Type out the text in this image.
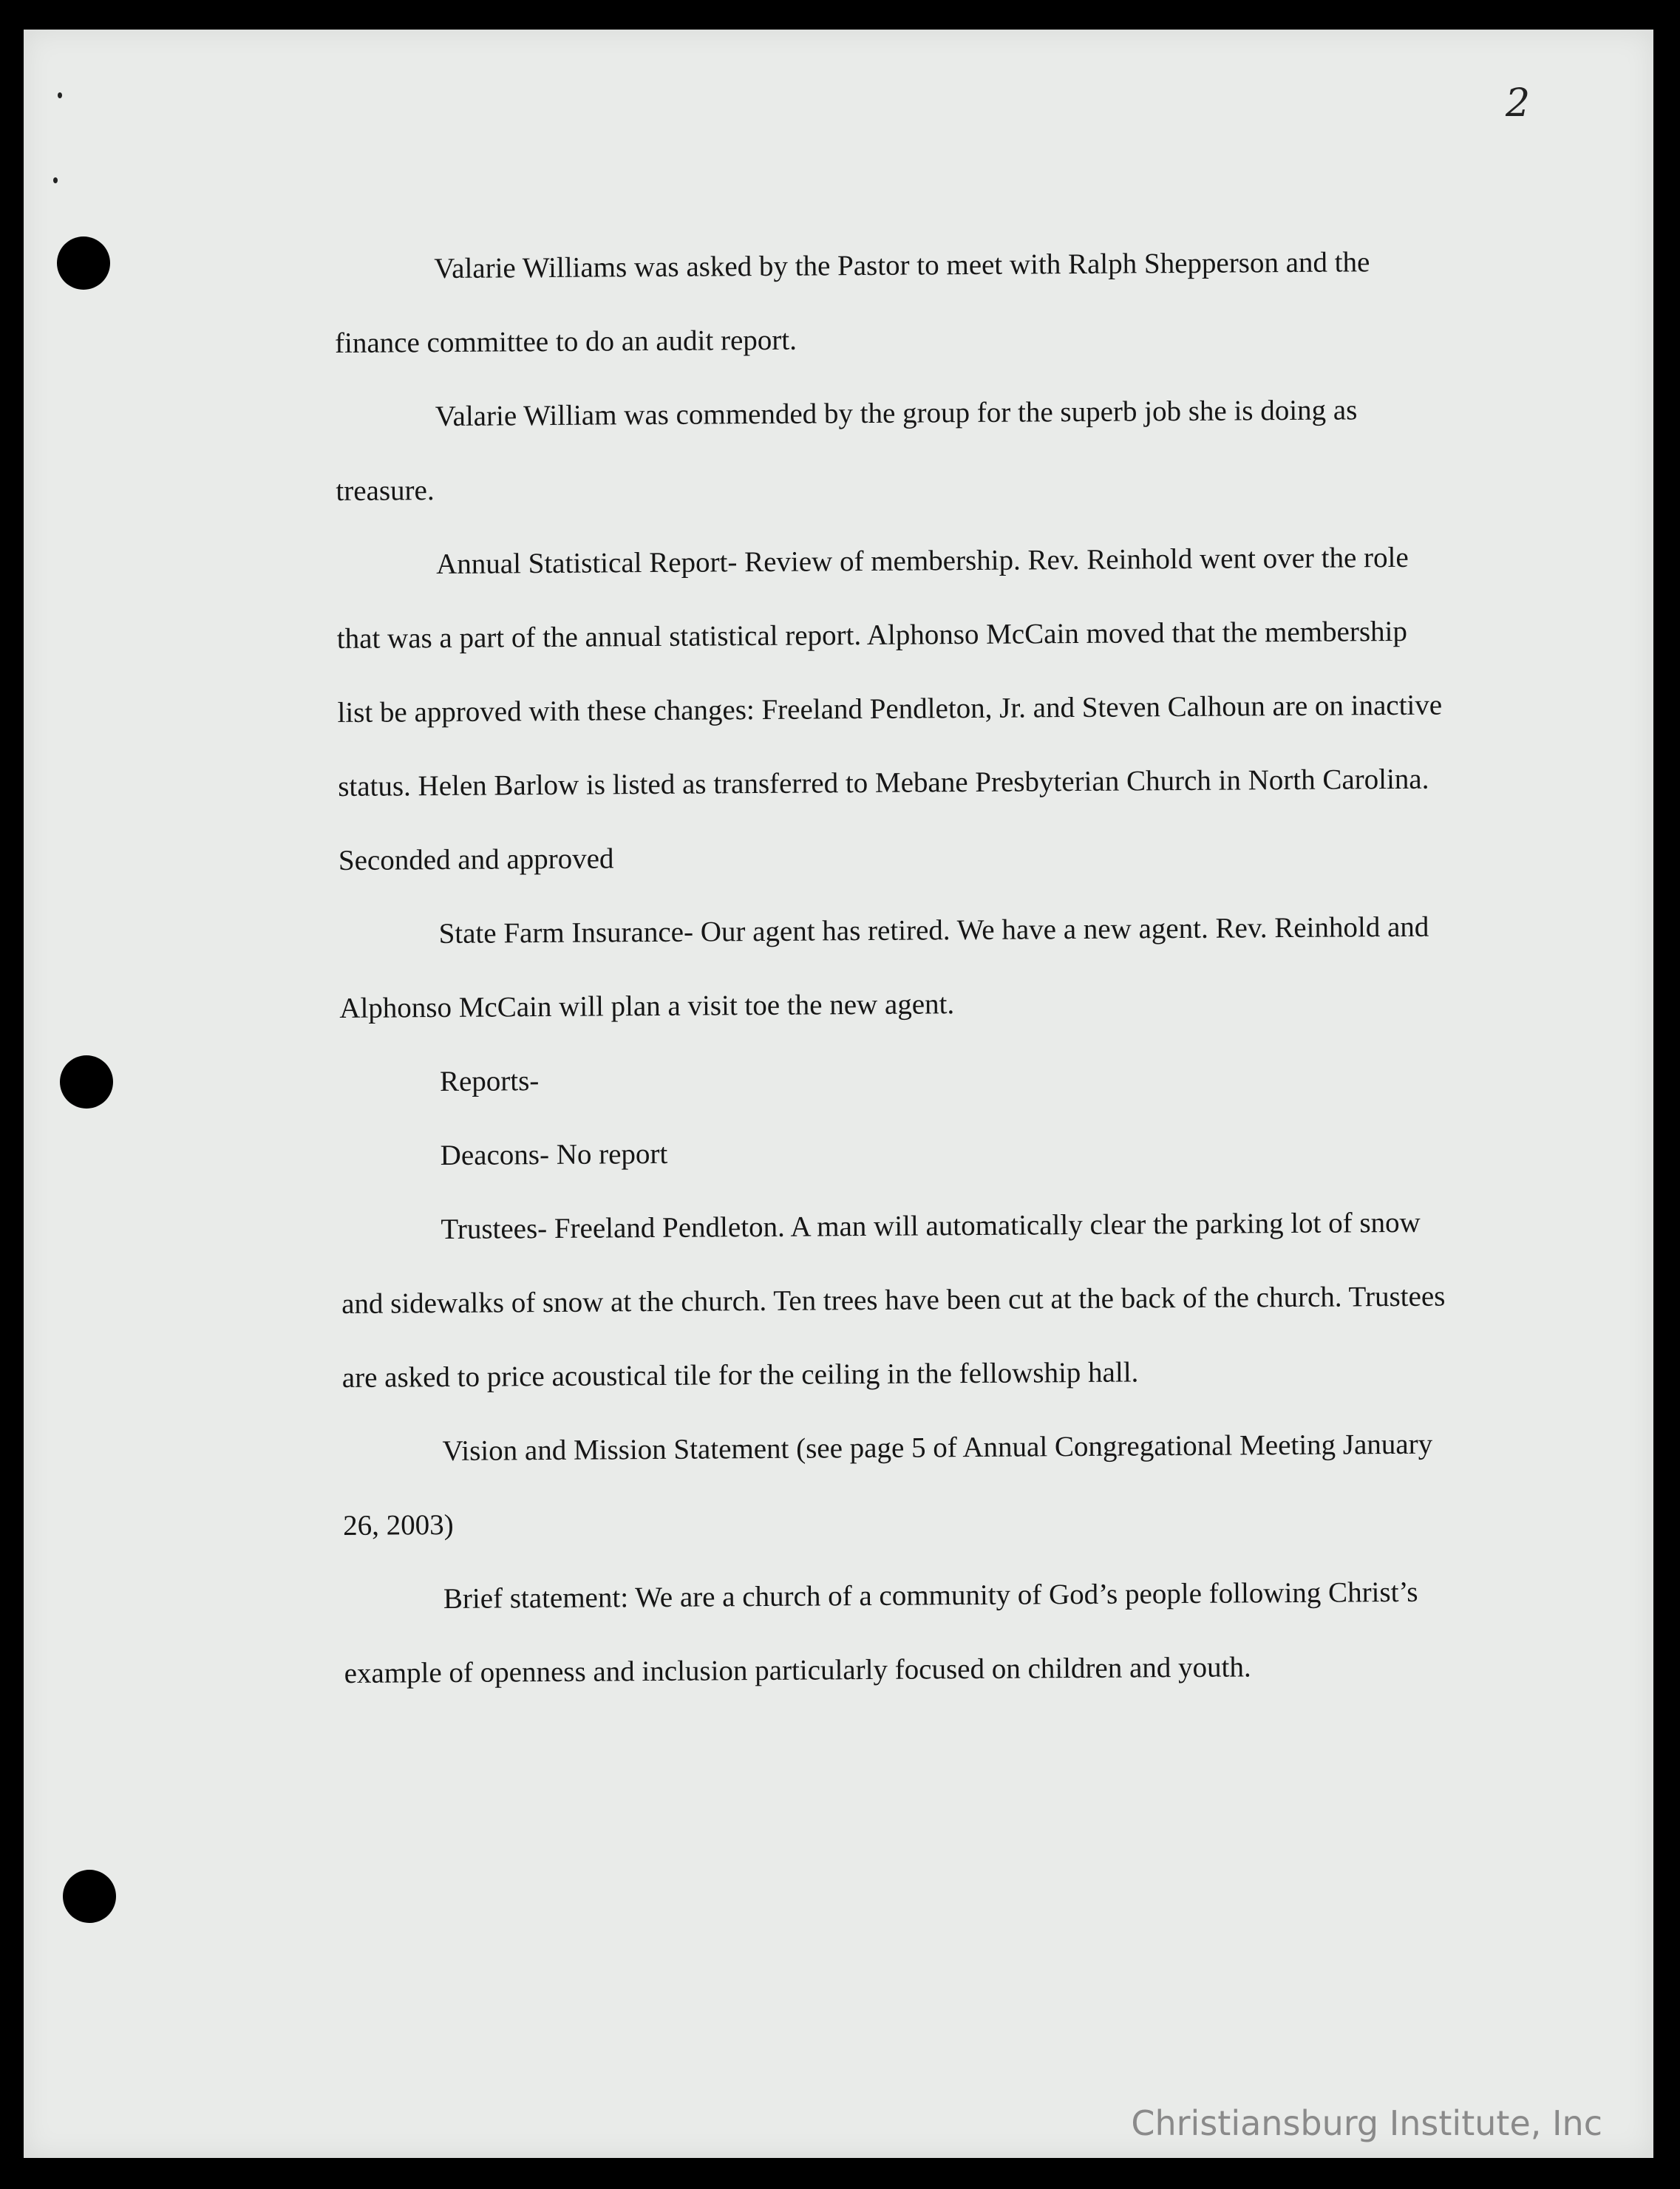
2

Valarie Williams was asked by the Pastor to meet with Ralph Shepperson and the finance committee to do an audit report.

Valarie William was commended by the group for the superb job she is doing as treasure.

Annual Statistical Report- Review of membership. Rev. Reinhold went over the role that was a part of the annual statistical report. Alphonso McCain moved that the membership list be approved with these changes: Freeland Pendleton, Jr. and Steven Calhoun are on inactive status. Helen Barlow is listed as transferred to Mebane Presbyterian Church in North Carolina. Seconded and approved

State Farm Insurance- Our agent has retired. We have a new agent. Rev. Reinhold and Alphonso McCain will plan a visit toe the new agent.

Reports-

Deacons- No report

Trustees- Freeland Pendleton. A man will automatically clear the parking lot of snow and sidewalks of snow at the church. Ten trees have been cut at the back of the church. Trustees are asked to price acoustical tile for the ceiling in the fellowship hall.

Vision and Mission Statement (see page 5 of Annual Congregational Meeting January 26, 2003)

Brief statement: We are a church of a community of God’s people following Christ’s example of openness and inclusion particularly focused on children and youth.

Christiansburg Institute, Inc
